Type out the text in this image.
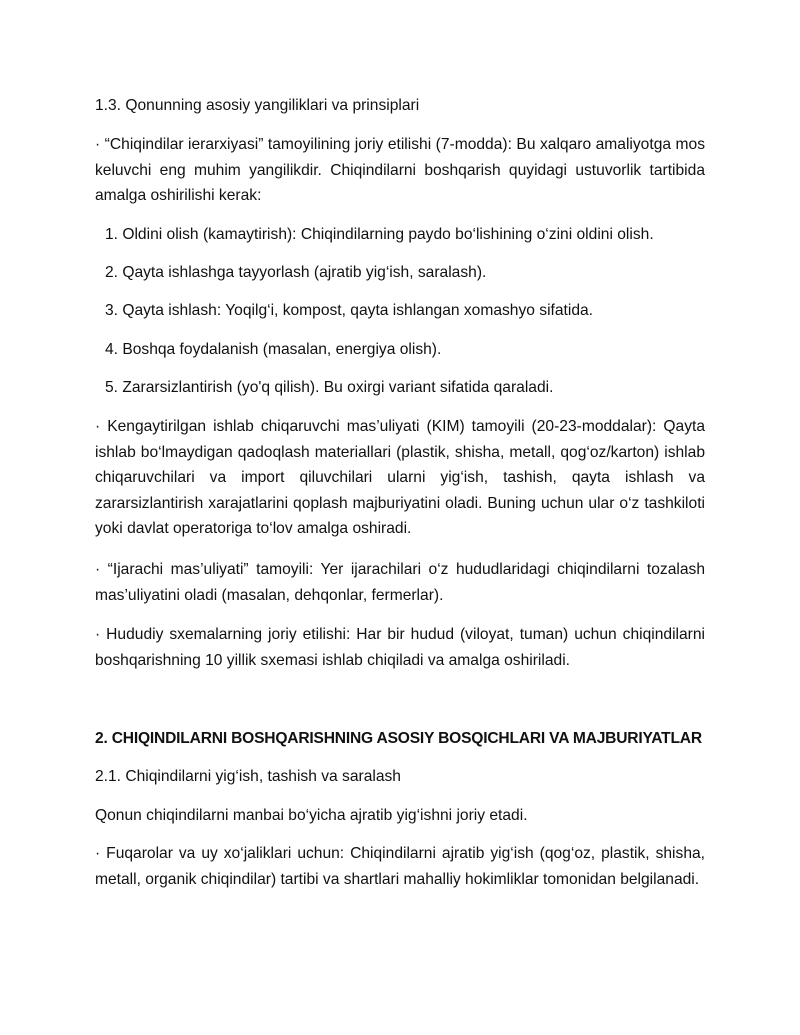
1.3. Qonunning asosiy yangiliklari va prinsiplari

· “Chiqindilar ierarxiyasi” tamoyilining joriy etilishi (7-modda): Bu xalqaro amaliyotga mos keluvchi eng muhim yangilikdir. Chiqindilarni boshqarish quyidagi ustuvorlik tartibida amalga oshirilishi kerak:

1. Oldini olish (kamaytirish): Chiqindilarning paydo bo‘lishining o‘zini oldini olish.

2. Qayta ishlashga tayyorlash (ajratib yig‘ish, saralash).

3. Qayta ishlash: Yoqilg‘i, kompost, qayta ishlangan xomashyo sifatida.

4. Boshqa foydalanish (masalan, energiya olish).

5. Zararsizlantirish (yo'q qilish). Bu oxirgi variant sifatida qaraladi.

· Kengaytirilgan ishlab chiqaruvchi mas’uliyati (KIM) tamoyili (20-23-moddalar): Qayta ishlab bo‘lmaydigan qadoqlash materiallari (plastik, shisha, metall, qog‘oz/karton) ishlab chiqaruvchilari va import qiluvchilari ularni yig‘ish, tashish, qayta ishlash va zararsizlantirish xarajatlarini qoplash majburiyatini oladi. Buning uchun ular o‘z tashkiloti yoki davlat operatoriga to‘lov amalga oshiradi.

· “Ijarachi mas’uliyati” tamoyili: Yer ijarachilari o‘z hududlaridagi chiqindilarni tozalash mas’uliyatini oladi (masalan, dehqonlar, fermerlar).

· Hududiy sxemalarning joriy etilishi: Har bir hudud (viloyat, tuman) uchun chiqindilarni boshqarishning 10 yillik sxemasi ishlab chiqiladi va amalga oshiriladi.

2. CHIQINDILARNI BOSHQARISHNING ASOSIY BOSQICHLARI VA MAJBURIYATLAR

2.1. Chiqindilarni yig‘ish, tashish va saralash

Qonun chiqindilarni manbai bo‘yicha ajratib yig‘ishni joriy etadi.

· Fuqarolar va uy xo‘jaliklari uchun: Chiqindilarni ajratib yig‘ish (qog‘oz, plastik, shisha, metall, organik chiqindilar) tartibi va shartlari mahalliy hokimliklar tomonidan belgilanadi.
